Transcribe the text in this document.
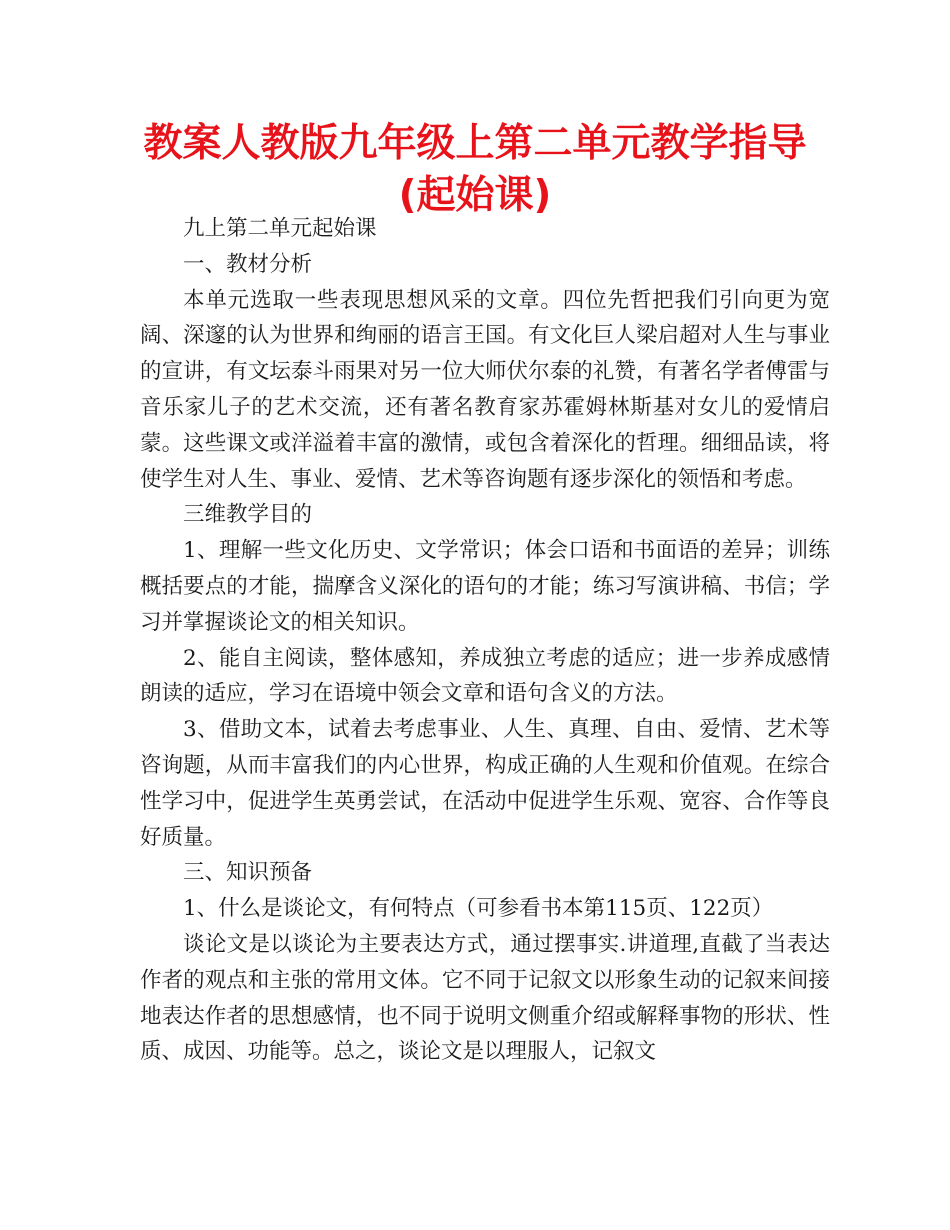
教案人教版九年级上第二单元教学指导(起始课)

九上第二单元起始课

一、教材分析

本单元选取一些表现思想风采的文章。四位先哲把我们引向更为宽阔、深邃的认为世界和绚丽的语言王国。有文化巨人梁启超对人生与事业的宣讲，有文坛泰斗雨果对另一位大师伏尔泰的礼赞，有著名学者傅雷与音乐家儿子的艺术交流，还有著名教育家苏霍姆林斯基对女儿的爱情启蒙。这些课文或洋溢着丰富的激情，或包含着深化的哲理。细细品读，将使学生对人生、事业、爱情、艺术等咨询题有逐步深化的领悟和考虑。

三维教学目的

1、理解一些文化历史、文学常识；体会口语和书面语的差异；训练概括要点的才能，揣摩含义深化的语句的才能；练习写演讲稿、书信；学习并掌握谈论文的相关知识。

2、能自主阅读，整体感知，养成独立考虑的适应；进一步养成感情朗读的适应，学习在语境中领会文章和语句含义的方法。

3、借助文本，试着去考虑事业、人生、真理、自由、爱情、艺术等咨询题，从而丰富我们的内心世界，构成正确的人生观和价值观。在综合性学习中，促进学生英勇尝试，在活动中促进学生乐观、宽容、合作等良好质量。

三、知识预备

1、什么是谈论文，有何特点（可参看书本第115页、122页）

谈论文是以谈论为主要表达方式，通过摆事实.讲道理,直截了当表达作者的观点和主张的常用文体。它不同于记叙文以形象生动的记叙来间接地表达作者的思想感情，也不同于说明文侧重介绍或解释事物的形状、性质、成因、功能等。总之，谈论文是以理服人，记叙文
